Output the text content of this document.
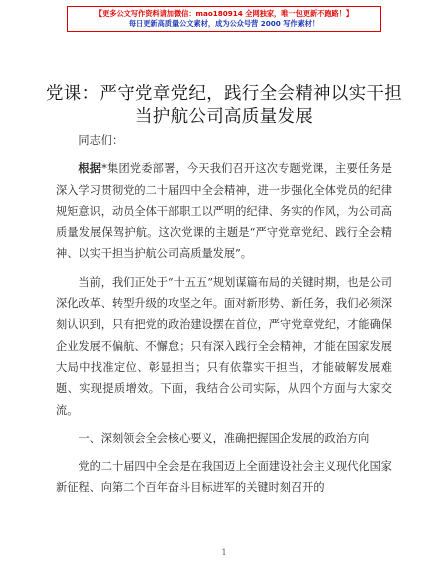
【更多公文写作资料请加微信：mao180914 全网独家，唯一包更新不跑路！】
每日更新高质量公文素材，成为公众号营 2000 写作素材！
党课：严守党章党纪，践行全会精神以实干担
当护航公司高质量发展

同志们：

根据*集团党委部署，今天我们召开这次专题党课，主要任务是深入学习贯彻党的二十届四中全会精神，进一步强化全体党员的纪律规矩意识，动员全体干部职工以严明的纪律、务实的作风，为公司高质量发展保驾护航。这次党课的主题是“严守党章党纪、践行全会精神、以实干担当护航公司高质量发展”。

当前，我们正处于“十五五”规划谋篇布局的关键时期，也是公司深化改革、转型升级的攻坚之年。面对新形势、新任务，我们必须深刻认识到，只有把党的政治建设摆在首位，严守党章党纪，才能确保企业发展不偏航、不懈怠；只有深入践行全会精神，才能在国家发展大局中找准定位、彰显担当；只有依靠实干担当，才能破解发展难题、实现提质增效。下面，我结合公司实际，从四个方面与大家交流。

一、深刻领会全会核心要义，准确把握国企发展的政治方向

党的二十届四中全会是在我国迈上全面建设社会主义现代化国家新征程、向第二个百年奋斗目标进军的关键时刻召开的

1
